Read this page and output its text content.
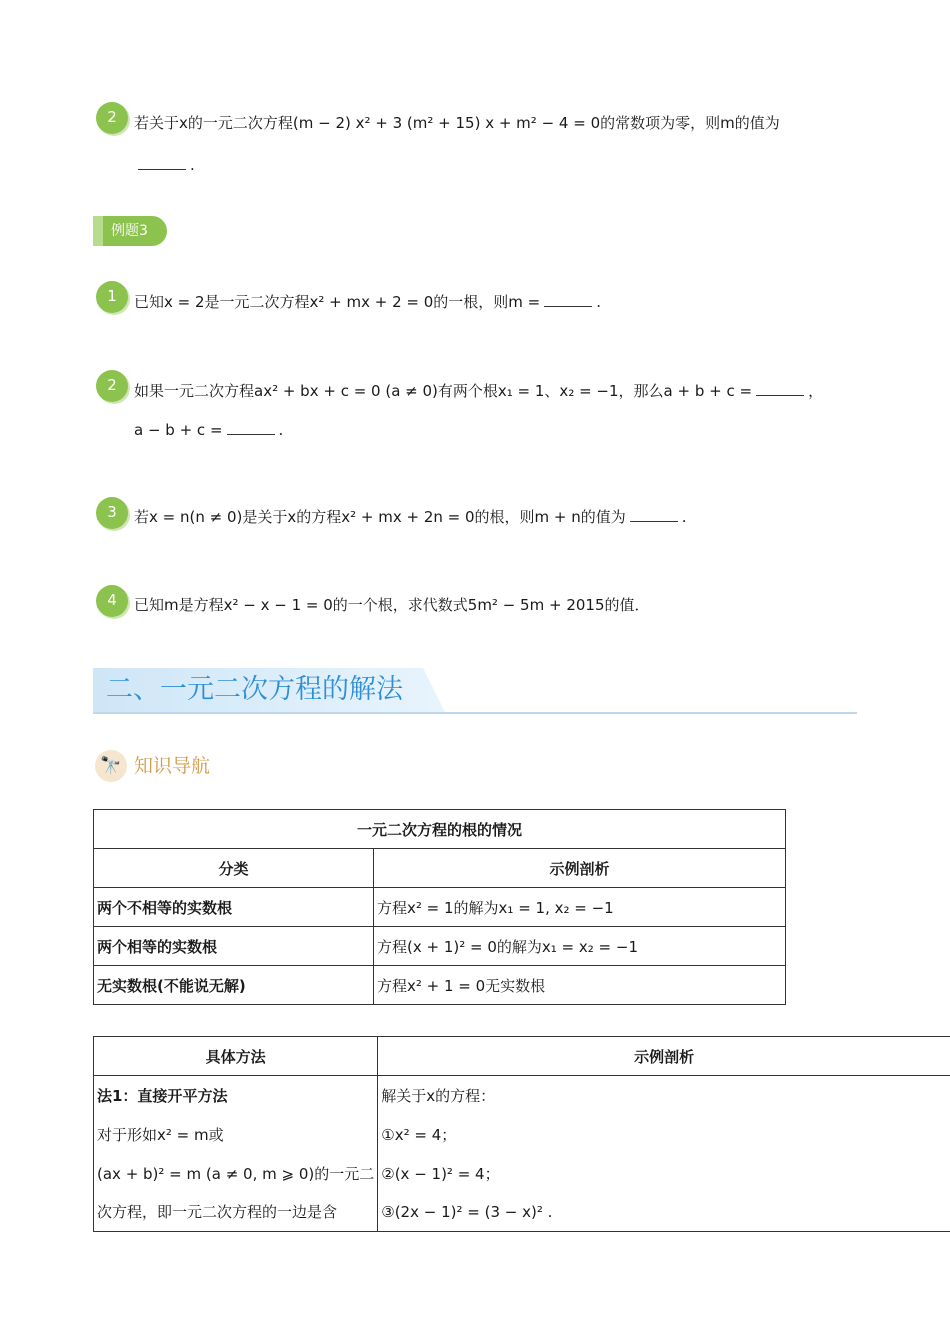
2	若关于x的一元二次方程(m − 2) x² + 3 (m² + 15) x + m² − 4 = 0的常数项为零，则m的值为
.
例题3
1	已知x = 2是一元二次方程x² + mx + 2 = 0的一根，则m =	.
2	如果一元二次方程ax² + bx + c = 0 (a ≠ 0)有两个根x₁ = 1、x₂ = −1，那么a + b + c =	，
a − b + c =	.
3	若x = n(n ≠ 0)是关于x的方程x² + mx + 2n = 0的根，则m + n的值为	.
4	已知m是方程x² − x − 1 = 0的一个根，求代数式5m² − 5m + 2015的值．
二、一元二次方程的解法
🔭 知识导航
一元二次方程的根的情况	
分类	示例剖析
两个不相等的实数根	方程x² = 1的解为x₁ = 1, x₂ = −1
两个相等的实数根	方程(x + 1)² = 0的解为x₁ = x₂ = −1
无实数根(不能说无解)	方程x² + 1 = 0无实数根
具体方法	示例剖析
法1：直接开平方法	解关于x的方程：
对于形如x² = m或	①x² = 4；
(ax + b)² = m (a ≠ 0, m ⩾ 0)的一元二	②(x − 1)² = 4；
次方程，即一元二次方程的一边是含	③(2x − 1)² = (3 − x)² .
